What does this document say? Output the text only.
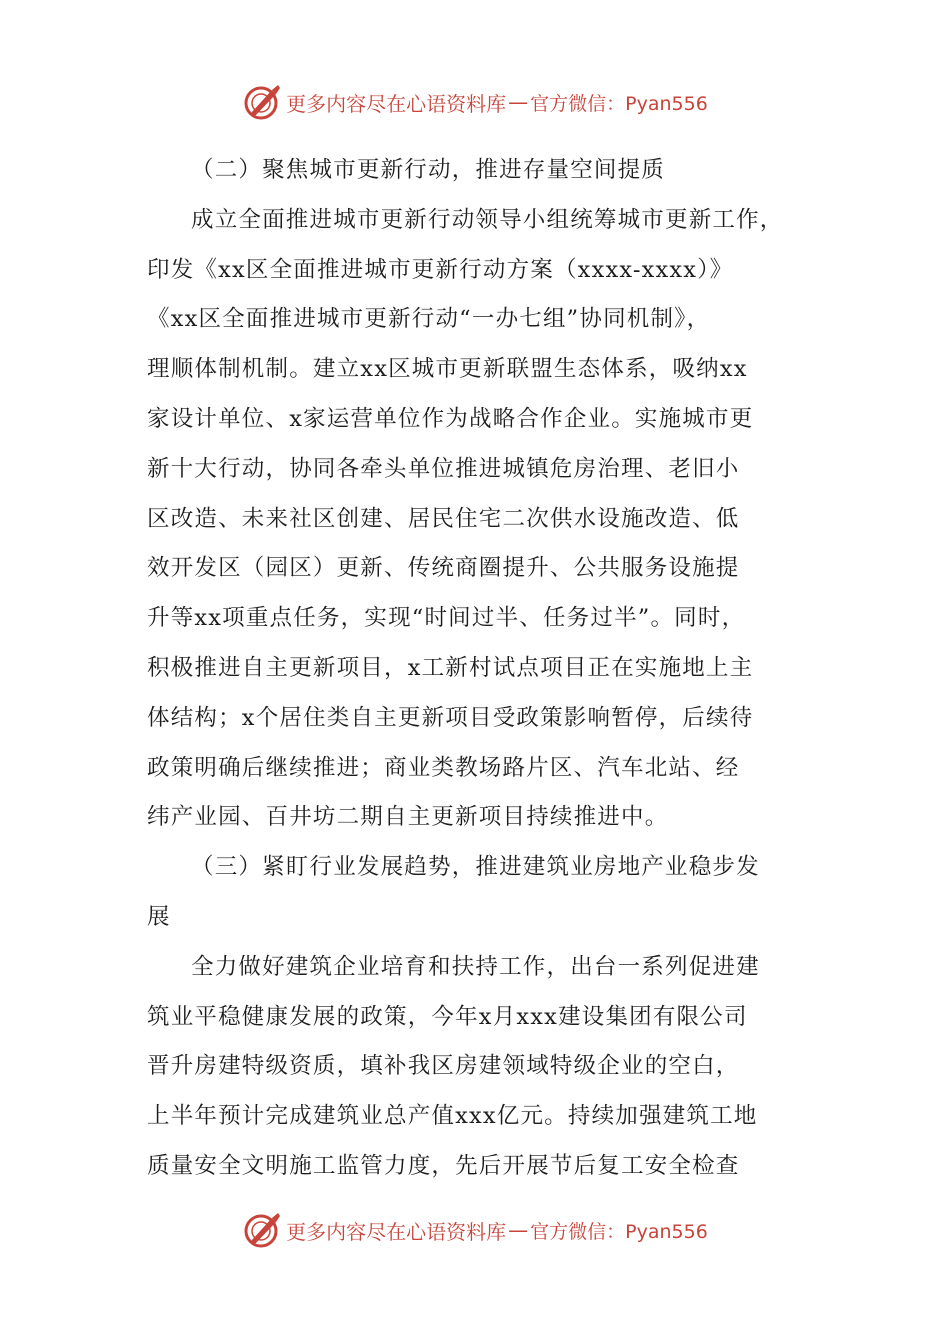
更多内容尽在心语资料库 — 官方微信：Pyan556
（二）聚焦城市更新行动，推进存量空间提质
成立全面推进城市更新行动领导小组统筹城市更新工作，
印发《xx区全面推进城市更新行动方案（xxxx-xxxx）》
《xx区全面推进城市更新行动“一办七组”协同机制》，
理顺体制机制。建立xx区城市更新联盟生态体系，吸纳xx
家设计单位、x家运营单位作为战略合作企业。实施城市更
新十大行动，协同各牵头单位推进城镇危房治理、老旧小
区改造、未来社区创建、居民住宅二次供水设施改造、低
效开发区（园区）更新、传统商圈提升、公共服务设施提
升等xx项重点任务，实现“时间过半、任务过半”。同时，
积极推进自主更新项目，x工新村试点项目正在实施地上主
体结构；x个居住类自主更新项目受政策影响暂停，后续待
政策明确后继续推进；商业类教场路片区、汽车北站、经
纬产业园、百井坊二期自主更新项目持续推进中。
（三）紧盯行业发展趋势，推进建筑业房地产业稳步发
展
全力做好建筑企业培育和扶持工作，出台一系列促进建
筑业平稳健康发展的政策，今年x月xxx建设集团有限公司
晋升房建特级资质，填补我区房建领域特级企业的空白，
上半年预计完成建筑业总产值xxx亿元。持续加强建筑工地
质量安全文明施工监管力度，先后开展节后复工安全检查
更多内容尽在心语资料库 — 官方微信：Pyan556
